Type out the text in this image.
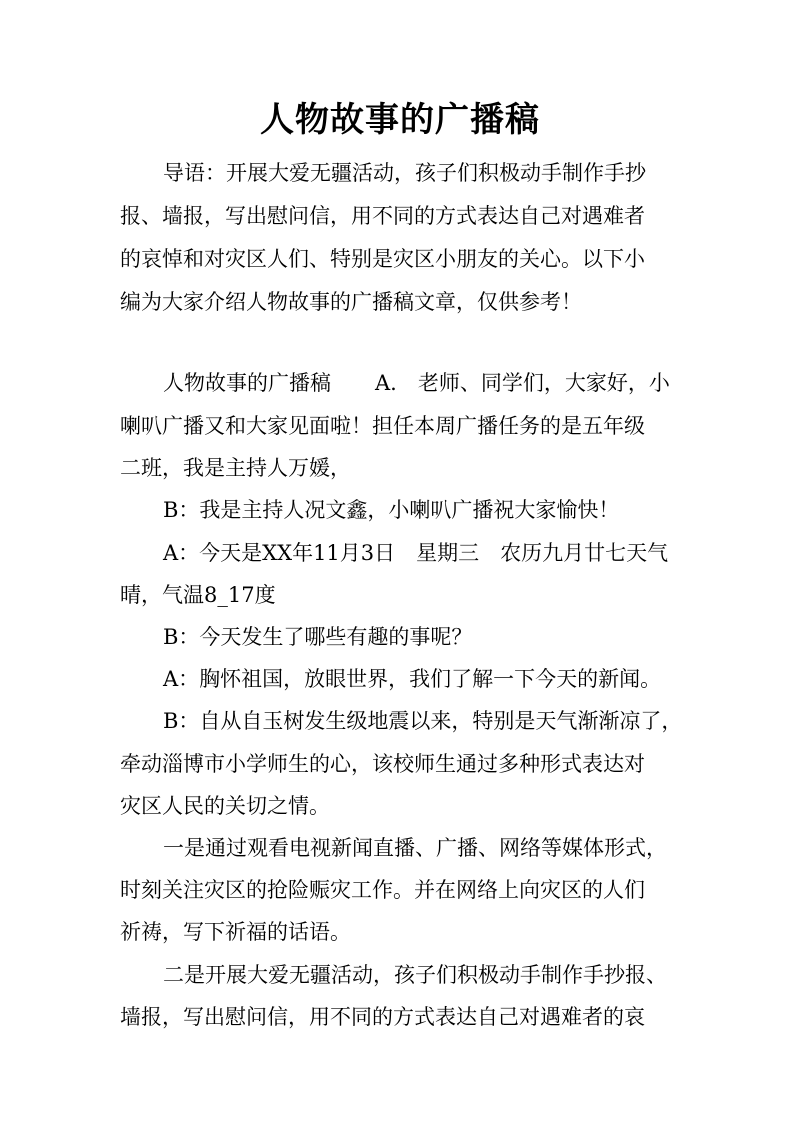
人物故事的广播稿

导语：开展大爱无疆活动，孩子们积极动手制作手抄

报、墙报，写出慰问信，用不同的方式表达自己对遇难者

的哀悼和对灾区人们、特别是灾区小朋友的关心。以下小

编为大家介绍人物故事的广播稿文章，仅供参考！

人物故事的广播稿 A.　老师、同学们，大家好，小

喇叭广播又和大家见面啦！担任本周广播任务的是五年级

二班，我是主持人万媛，

B：我是主持人况文鑫，小喇叭广播祝大家愉快！

A：今天是XX年11月3日　星期三　农历九月廿七天气

晴，气温8_17度

B：今天发生了哪些有趣的事呢？

A：胸怀祖国，放眼世界，我们了解一下今天的新闻。

B：自从自玉树发生级地震以来，特别是天气渐渐凉了，

牵动淄博市小学师生的心，该校师生通过多种形式表达对

灾区人民的关切之情。

一是通过观看电视新闻直播、广播、网络等媒体形式，

时刻关注灾区的抢险赈灾工作。并在网络上向灾区的人们

祈祷，写下祈福的话语。

二是开展大爱无疆活动，孩子们积极动手制作手抄报、

墙报，写出慰问信，用不同的方式表达自己对遇难者的哀
